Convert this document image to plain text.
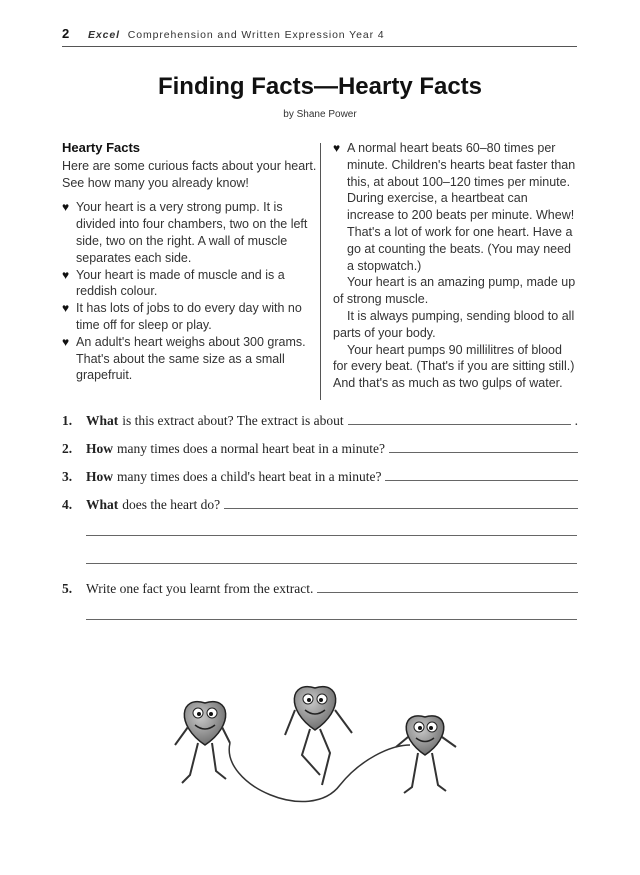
2 Excel Comprehension and Written Expression Year 4
Finding Facts—Hearty Facts
by Shane Power
Hearty Facts

Here are some curious facts about your heart. See how many you already know!

♥ Your heart is a very strong pump. It is divided into four chambers, two on the left side, two on the right. A wall of muscle separates each side.
♥ Your heart is made of muscle and is a reddish colour.
♥ It has lots of jobs to do every day with no time off for sleep or play.
♥ An adult's heart weighs about 300 grams. That's about the same size as a small grapefruit.

♥ A normal heart beats 60–80 times per minute. Children's hearts beat faster than this, at about 100–120 times per minute. During exercise, a heartbeat can increase to 200 beats per minute. Whew! That's a lot of work for one heart. Have a go at counting the beats. (You may need a stopwatch.)

Your heart is an amazing pump, made up of strong muscle.

It is always pumping, sending blood to all parts of your body.

Your heart pumps 90 millilitres of blood for every beat. (That's if you are sitting still.) And that's as much as two gulps of water.

1.	What is this extract about? The extract is about	.
2.	How many times does a normal heart beat in a minute?
3.	How many times does a child's heart beat in a minute?
4.	What does the heart do?
5.	Write one fact you learnt from the extract.
